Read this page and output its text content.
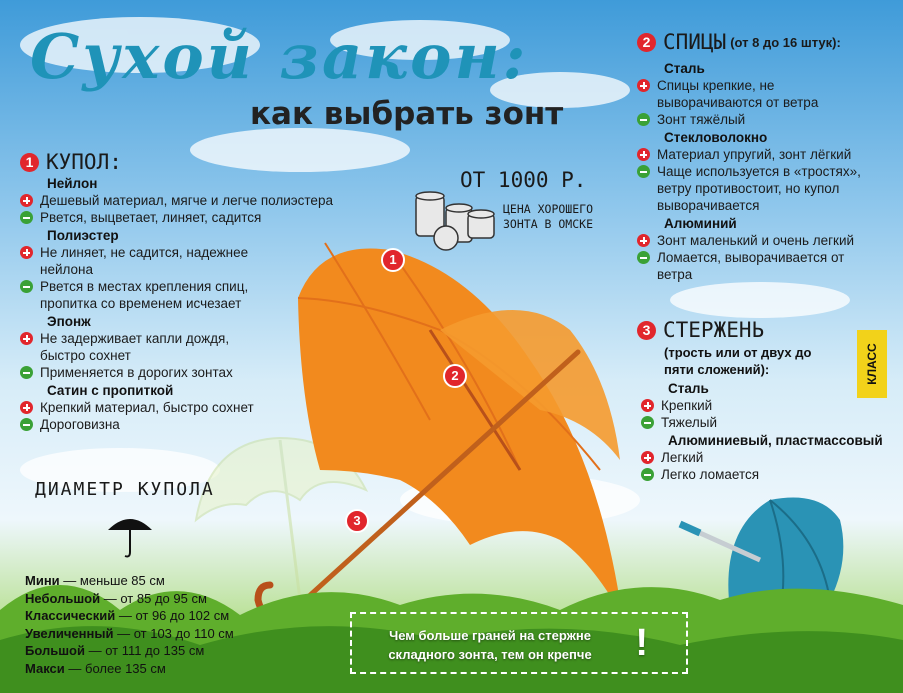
Сухой закон:
как выбрать зонт
1 КУПОЛ:
Нейлон
Дешевый материал, мягче и легче полиэстера
Рвется, выцветает, линяет, садится
Полиэстер
Не линяет, не садится, надежнее нейлона
Рвется в местах крепления спиц, пропитка со временем исчезает
Эпонж
Не задерживает капли дождя, быстро сохнет
Применяется в дорогих зонтах
Сатин с пропиткой
Крепкий материал, быстро сохнет
Дороговизна
2 СПИЦЫ (от 8 до 16 штук):
Сталь
Спицы крепкие, не выворачиваются от ветра
Зонт тяжёлый
Стекловолокно
Материал упругий, зонт лёгкий
Чаще используется в «тростях», ветру противостоит, но купол выворачивается
Алюминий
Зонт маленький и очень легкий
Ломается, выворачивается от ветра
3 СТЕРЖЕНЬ
(трость или от двух до пяти сложений):
Сталь
Крепкий
Тяжелый
Алюминиевый, пластмассовый
Легкий
Легко ломается
ОТ 1000 Р.
ЦЕНА ХОРОШЕГО ЗОНТА В ОМСКЕ
1
2
3
ДИАМЕТР КУПОЛА
Мини — меньше 85 см
Небольшой — от 85 до 95 см
Классический — от 96 до 102 см
Увеличенный — от 103 до 110 см
Большой — от 111 до 135 см
Макси — более 135 см
Чем больше граней на стержне складного зонта, тем он крепче	!
КЛАСС
